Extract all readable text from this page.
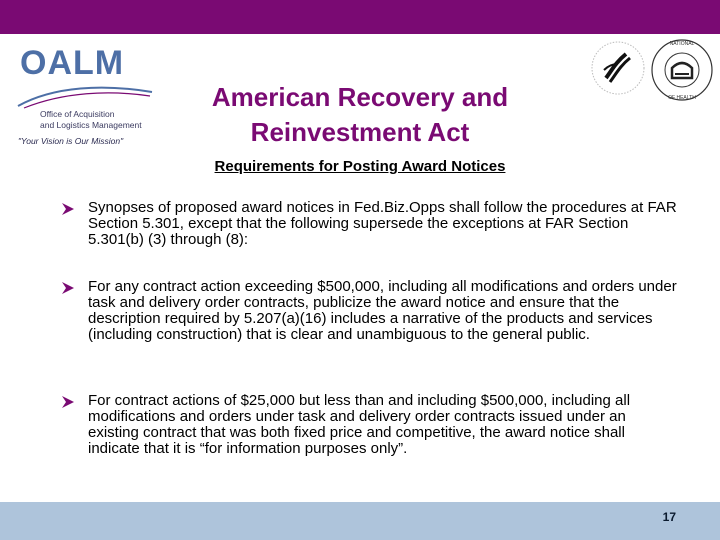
OALM
Office of Acquisition
and Logistics Management
"Your Vision is Our Mission"
NATIONAL
OF HEALTH
American Recovery and
Reinvestment Act
Requirements for Posting Award Notices
Synopses of proposed award notices in Fed.Biz.Opps shall follow the procedures at FAR Section 5.301, except that the following supersede the exceptions at FAR Section 5.301(b) (3) through (8):
For any contract action exceeding $500,000, including all modifications and orders under task and delivery order contracts, publicize the award notice and ensure that the description required by 5.207(a)(16) includes a narrative of the products and services (including construction) that is clear and unambiguous to the general public.
For contract actions of $25,000 but less than and including $500,000, including all modifications and orders under task and delivery order contracts issued under an existing contract that was both fixed price and competitive, the award notice shall indicate that it is “for information purposes only”.
17
